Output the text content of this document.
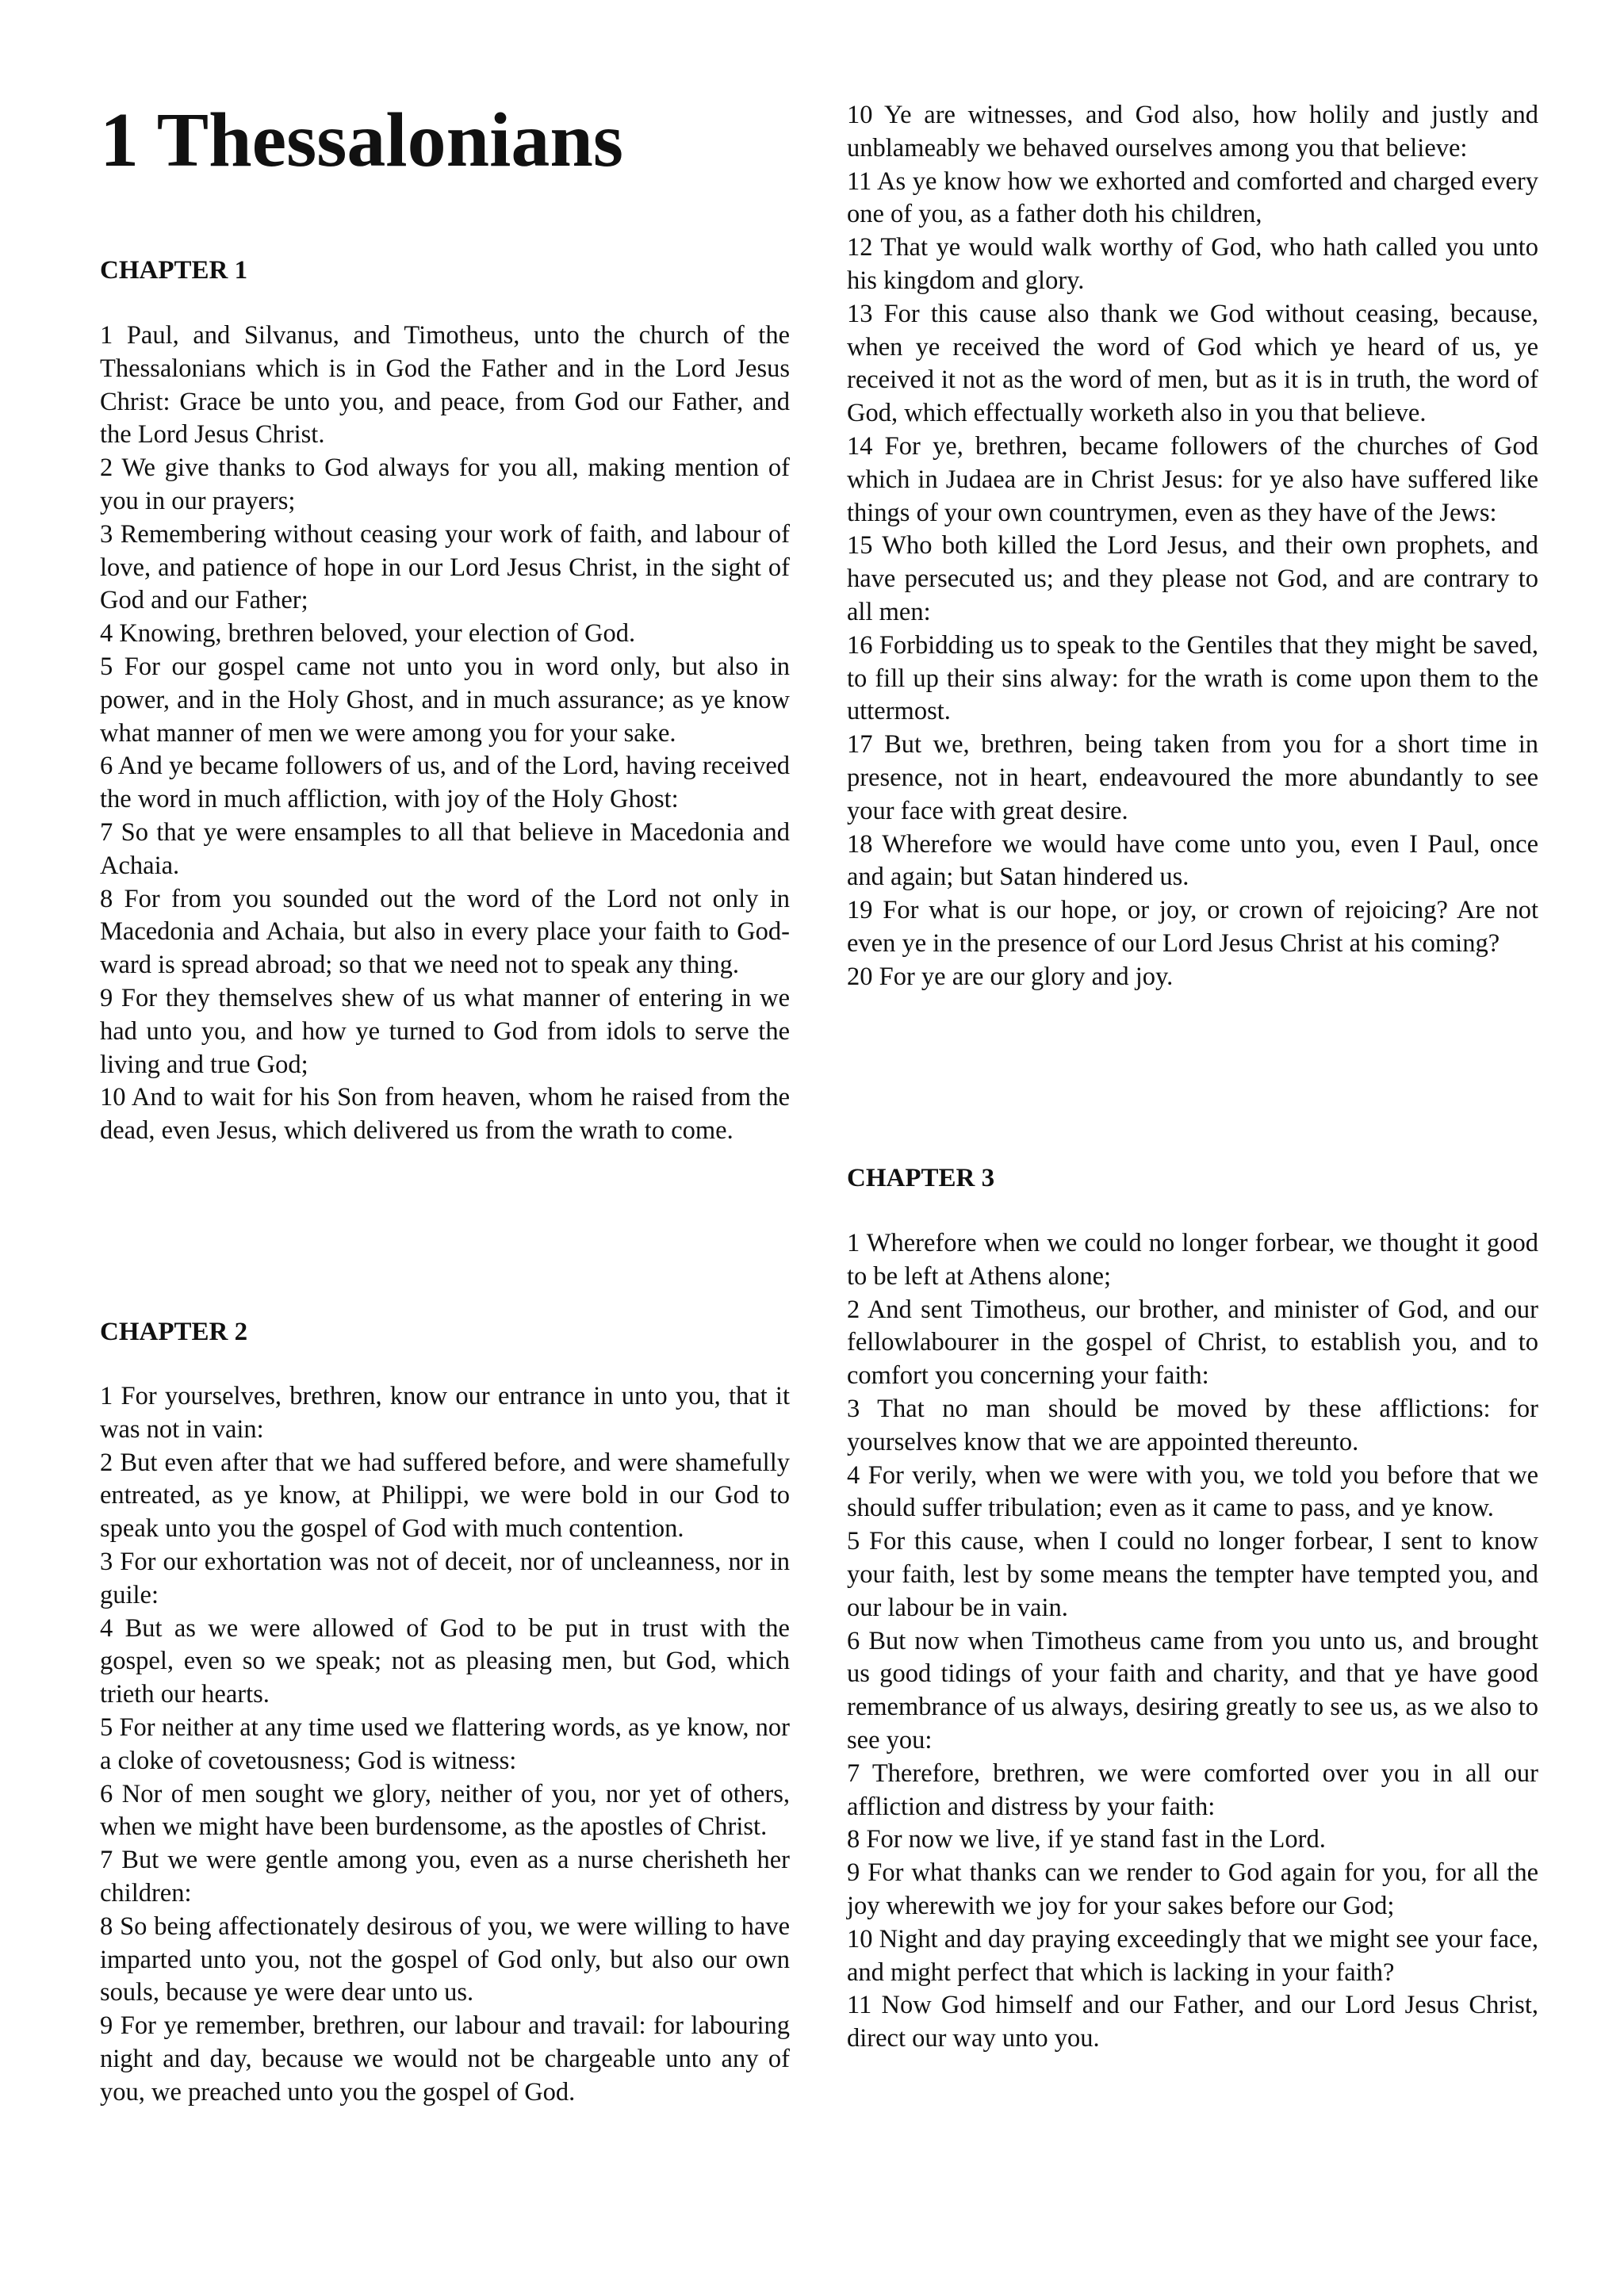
1 Thessalonians
CHAPTER 1

1 Paul, and Silvanus, and Timotheus, unto the church of the Thessalonians which is in God the Father and in the Lord Jesus Christ: Grace be unto you, and peace, from God our Father, and the Lord Jesus Christ.

2 We give thanks to God always for you all, making mention of you in our prayers;

3 Remembering without ceasing your work of faith, and labour of love, and patience of hope in our Lord Jesus Christ, in the sight of God and our Father;

4 Knowing, brethren beloved, your election of God.

5 For our gospel came not unto you in word only, but also in power, and in the Holy Ghost, and in much assurance; as ye know what manner of men we were among you for your sake.

6 And ye became followers of us, and of the Lord, having received the word in much affliction, with joy of the Holy Ghost:

7 So that ye were ensamples to all that believe in Macedonia and Achaia.

8 For from you sounded out the word of the Lord not only in Macedonia and Achaia, but also in every place your faith to God-ward is spread abroad; so that we need not to speak any thing.

9 For they themselves shew of us what manner of entering in we had unto you, and how ye turned to God from idols to serve the living and true God;

10 And to wait for his Son from heaven, whom he raised from the dead, even Jesus, which delivered us from the wrath to come.

CHAPTER 2

1 For yourselves, brethren, know our entrance in unto you, that it was not in vain:

2 But even after that we had suffered before, and were shamefully entreated, as ye know, at Philippi, we were bold in our God to speak unto you the gospel of God with much contention.

3 For our exhortation was not of deceit, nor of uncleanness, nor in guile:

4 But as we were allowed of God to be put in trust with the gospel, even so we speak; not as pleasing men, but God, which trieth our hearts.

5 For neither at any time used we flattering words, as ye know, nor a cloke of covetousness; God is witness:

6 Nor of men sought we glory, neither of you, nor yet of others, when we might have been burdensome, as the apostles of Christ.

7 But we were gentle among you, even as a nurse cherisheth her children:

8 So being affectionately desirous of you, we were willing to have imparted unto you, not the gospel of God only, but also our own souls, because ye were dear unto us.

9 For ye remember, brethren, our labour and travail: for labouring night and day, because we would not be chargeable unto any of you, we preached unto you the gospel of God.

10 Ye are witnesses, and God also, how holily and justly and unblameably we behaved ourselves among you that believe:

11 As ye know how we exhorted and comforted and charged every one of you, as a father doth his children,

12 That ye would walk worthy of God, who hath called you unto his kingdom and glory.

13 For this cause also thank we God without ceasing, because, when ye received the word of God which ye heard of us, ye received it not as the word of men, but as it is in truth, the word of God, which effectually worketh also in you that believe.

14 For ye, brethren, became followers of the churches of God which in Judaea are in Christ Jesus: for ye also have suffered like things of your own countrymen, even as they have of the Jews:

15 Who both killed the Lord Jesus, and their own prophets, and have persecuted us; and they please not God, and are contrary to all men:

16 Forbidding us to speak to the Gentiles that they might be saved, to fill up their sins alway: for the wrath is come upon them to the uttermost.

17 But we, brethren, being taken from you for a short time in presence, not in heart, endeavoured the more abundantly to see your face with great desire.

18 Wherefore we would have come unto you, even I Paul, once and again; but Satan hindered us.

19 For what is our hope, or joy, or crown of rejoicing? Are not even ye in the presence of our Lord Jesus Christ at his coming?

20 For ye are our glory and joy.

CHAPTER 3

1 Wherefore when we could no longer forbear, we thought it good to be left at Athens alone;

2 And sent Timotheus, our brother, and minister of God, and our fellowlabourer in the gospel of Christ, to establish you, and to comfort you concerning your faith:

3 That no man should be moved by these afflictions: for yourselves know that we are appointed thereunto.

4 For verily, when we were with you, we told you before that we should suffer tribulation; even as it came to pass, and ye know.

5 For this cause, when I could no longer forbear, I sent to know your faith, lest by some means the tempter have tempted you, and our labour be in vain.

6 But now when Timotheus came from you unto us, and brought us good tidings of your faith and charity, and that ye have good remembrance of us always, desiring greatly to see us, as we also to see you:

7 Therefore, brethren, we were comforted over you in all our affliction and distress by your faith:

8 For now we live, if ye stand fast in the Lord.

9 For what thanks can we render to God again for you, for all the joy wherewith we joy for your sakes before our God;

10 Night and day praying exceedingly that we might see your face, and might perfect that which is lacking in your faith?

11 Now God himself and our Father, and our Lord Jesus Christ, direct our way unto you.
